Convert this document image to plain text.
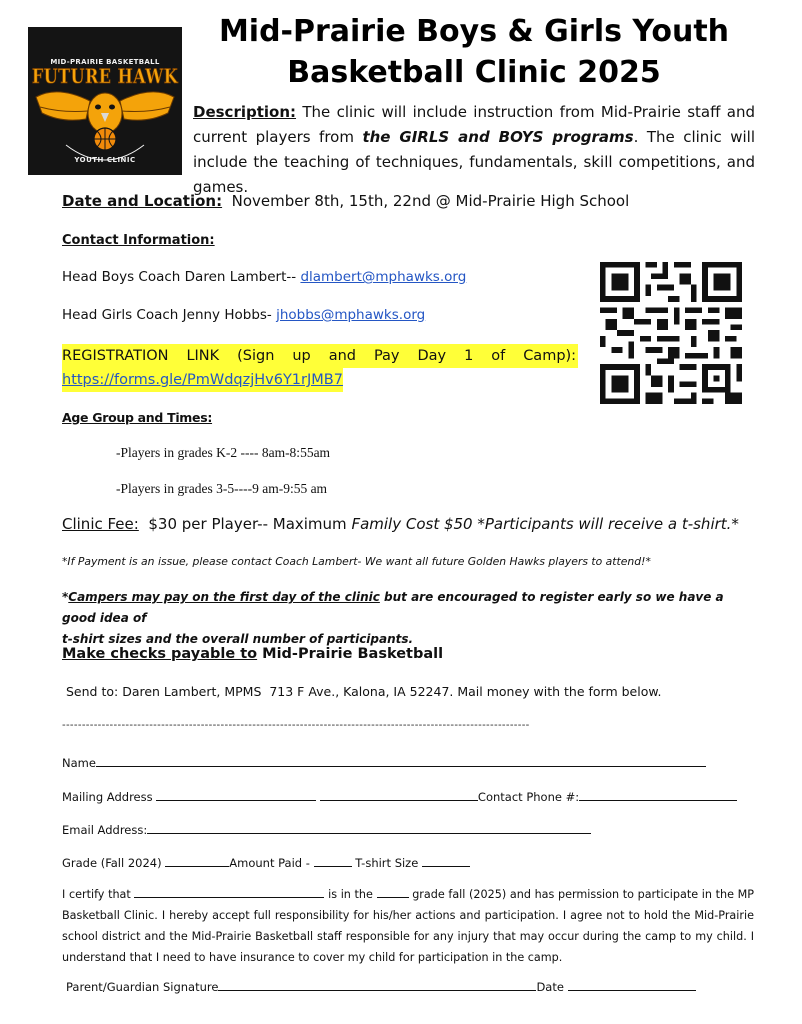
MID-PRAIRIE BASKETBALL
FUTURE HAWK
YOUTH CLINIC
Mid-Prairie Boys & Girls Youth
Basketball Clinic 2025
Description: The clinic will include instruction from Mid-Prairie staff and current players from the GIRLS and BOYS programs. The clinic will include the teaching of techniques, fundamentals, skill competitions, and games.
Date and Location:  November 8th, 15th, 22nd @ Mid-Prairie High School
Contact Information:
Head Boys Coach Daren Lambert-- dlambert@mphawks.org
Head Girls Coach Jenny Hobbs- jhobbs@mphawks.org
REGISTRATION LINK (Sign up and Pay Day 1 of Camp):
https://forms.gle/PmWdqzjHv6Y1rJMB7
Age Group and Times:
-Players in grades K-2 ---- 8am-8:55am
-Players in grades 3-5----9 am-9:55 am
Clinic Fee:  $30 per Player-- Maximum Family Cost $50 *Participants will receive a t-shirt.*
*If Payment is an issue, please contact Coach Lambert- We want all future Golden Hawks players to attend!*
*Campers may pay on the first day of the clinic but are encouraged to register early so we have a good idea of
t-shirt sizes and the overall number of participants.
Make checks payable to Mid-Prairie Basketball
Send to: Daren Lambert, MPMS  713 F Ave., Kalona, IA 52247. Mail money with the form below.
----------------------------------------------------------------------------------------------------------------------
Name
Mailing Address	Contact Phone #:
Email Address:
Grade (Fall 2024)	Amount Paid -	T-shirt Size
I certify that	is in the	grade fall (2025) and has permission to participate in the MP Basketball Clinic. I hereby accept full responsibility for his/her actions and participation. I agree not to hold the Mid-Prairie school district and the Mid-Prairie Basketball staff responsible for any injury that may occur during the camp to my child. I understand that I need to have insurance to cover my child for participation in the camp.
Parent/Guardian Signature	Date
